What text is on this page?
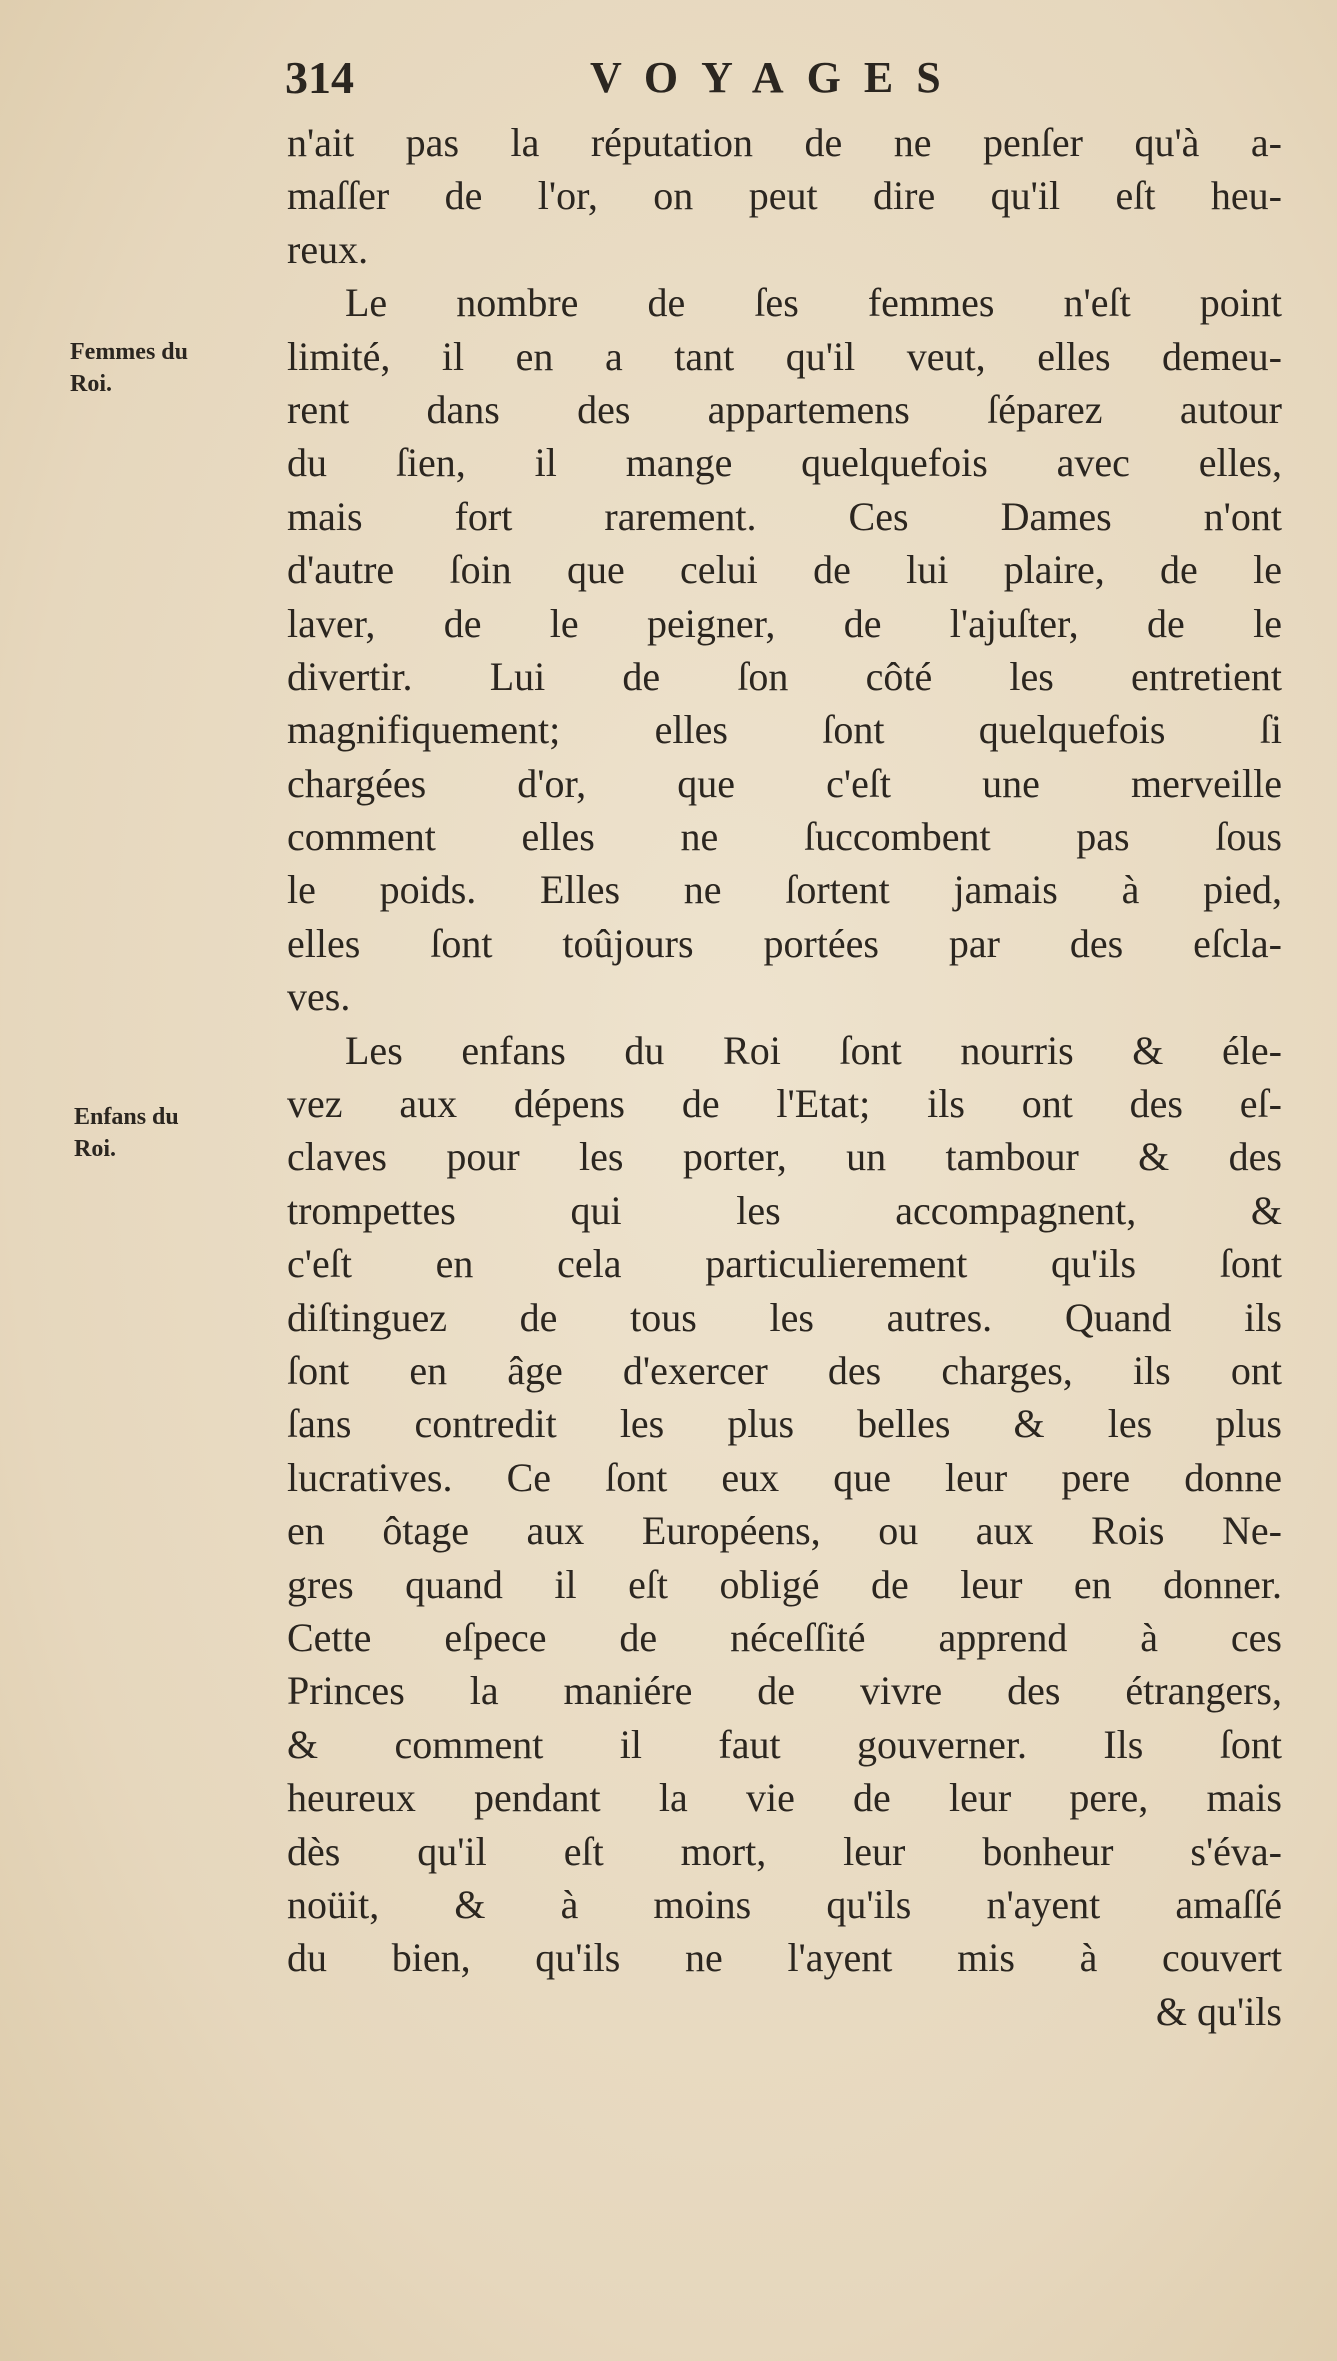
314	VOYAGES
Femmes du
Roi.
Enfans du
Roi.
n'ait pas la réputation de ne penſer qu'à a-
maſſer de l'or, on peut dire qu'il eſt heu-
reux.
Le nombre de ſes femmes n'eſt point
limité, il en a tant qu'il veut, elles demeu-
rent dans des appartemens ſéparez autour
du ſien, il mange quelquefois avec elles,
mais fort rarement. Ces Dames n'ont
d'autre ſoin que celui de lui plaire, de le
laver, de le peigner, de l'ajuſter, de le
divertir. Lui de ſon côté les entretient
magnifiquement; elles ſont quelquefois ſi
chargées d'or, que c'eſt une merveille
comment elles ne ſuccombent pas ſous
le poids. Elles ne ſortent jamais à pied,
elles ſont toûjours portées par des eſcla-
ves.
Les enfans du Roi ſont nourris & éle-
vez aux dépens de l'Etat; ils ont des eſ-
claves pour les porter, un tambour & des
trompettes qui les accompagnent, &
c'eſt en cela particulierement qu'ils ſont
diſtinguez de tous les autres. Quand ils
ſont en âge d'exercer des charges, ils ont
ſans contredit les plus belles & les plus
lucratives. Ce ſont eux que leur pere donne
en ôtage aux Européens, ou aux Rois Ne-
gres quand il eſt obligé de leur en donner.
Cette eſpece de néceſſité apprend à ces
Princes la maniére de vivre des étrangers,
& comment il faut gouverner. Ils ſont
heureux pendant la vie de leur pere, mais
dès qu'il eſt mort, leur bonheur s'éva-
noüit, & à moins qu'ils n'ayent amaſſé
du bien, qu'ils ne l'ayent mis à couvert
& qu'ils
